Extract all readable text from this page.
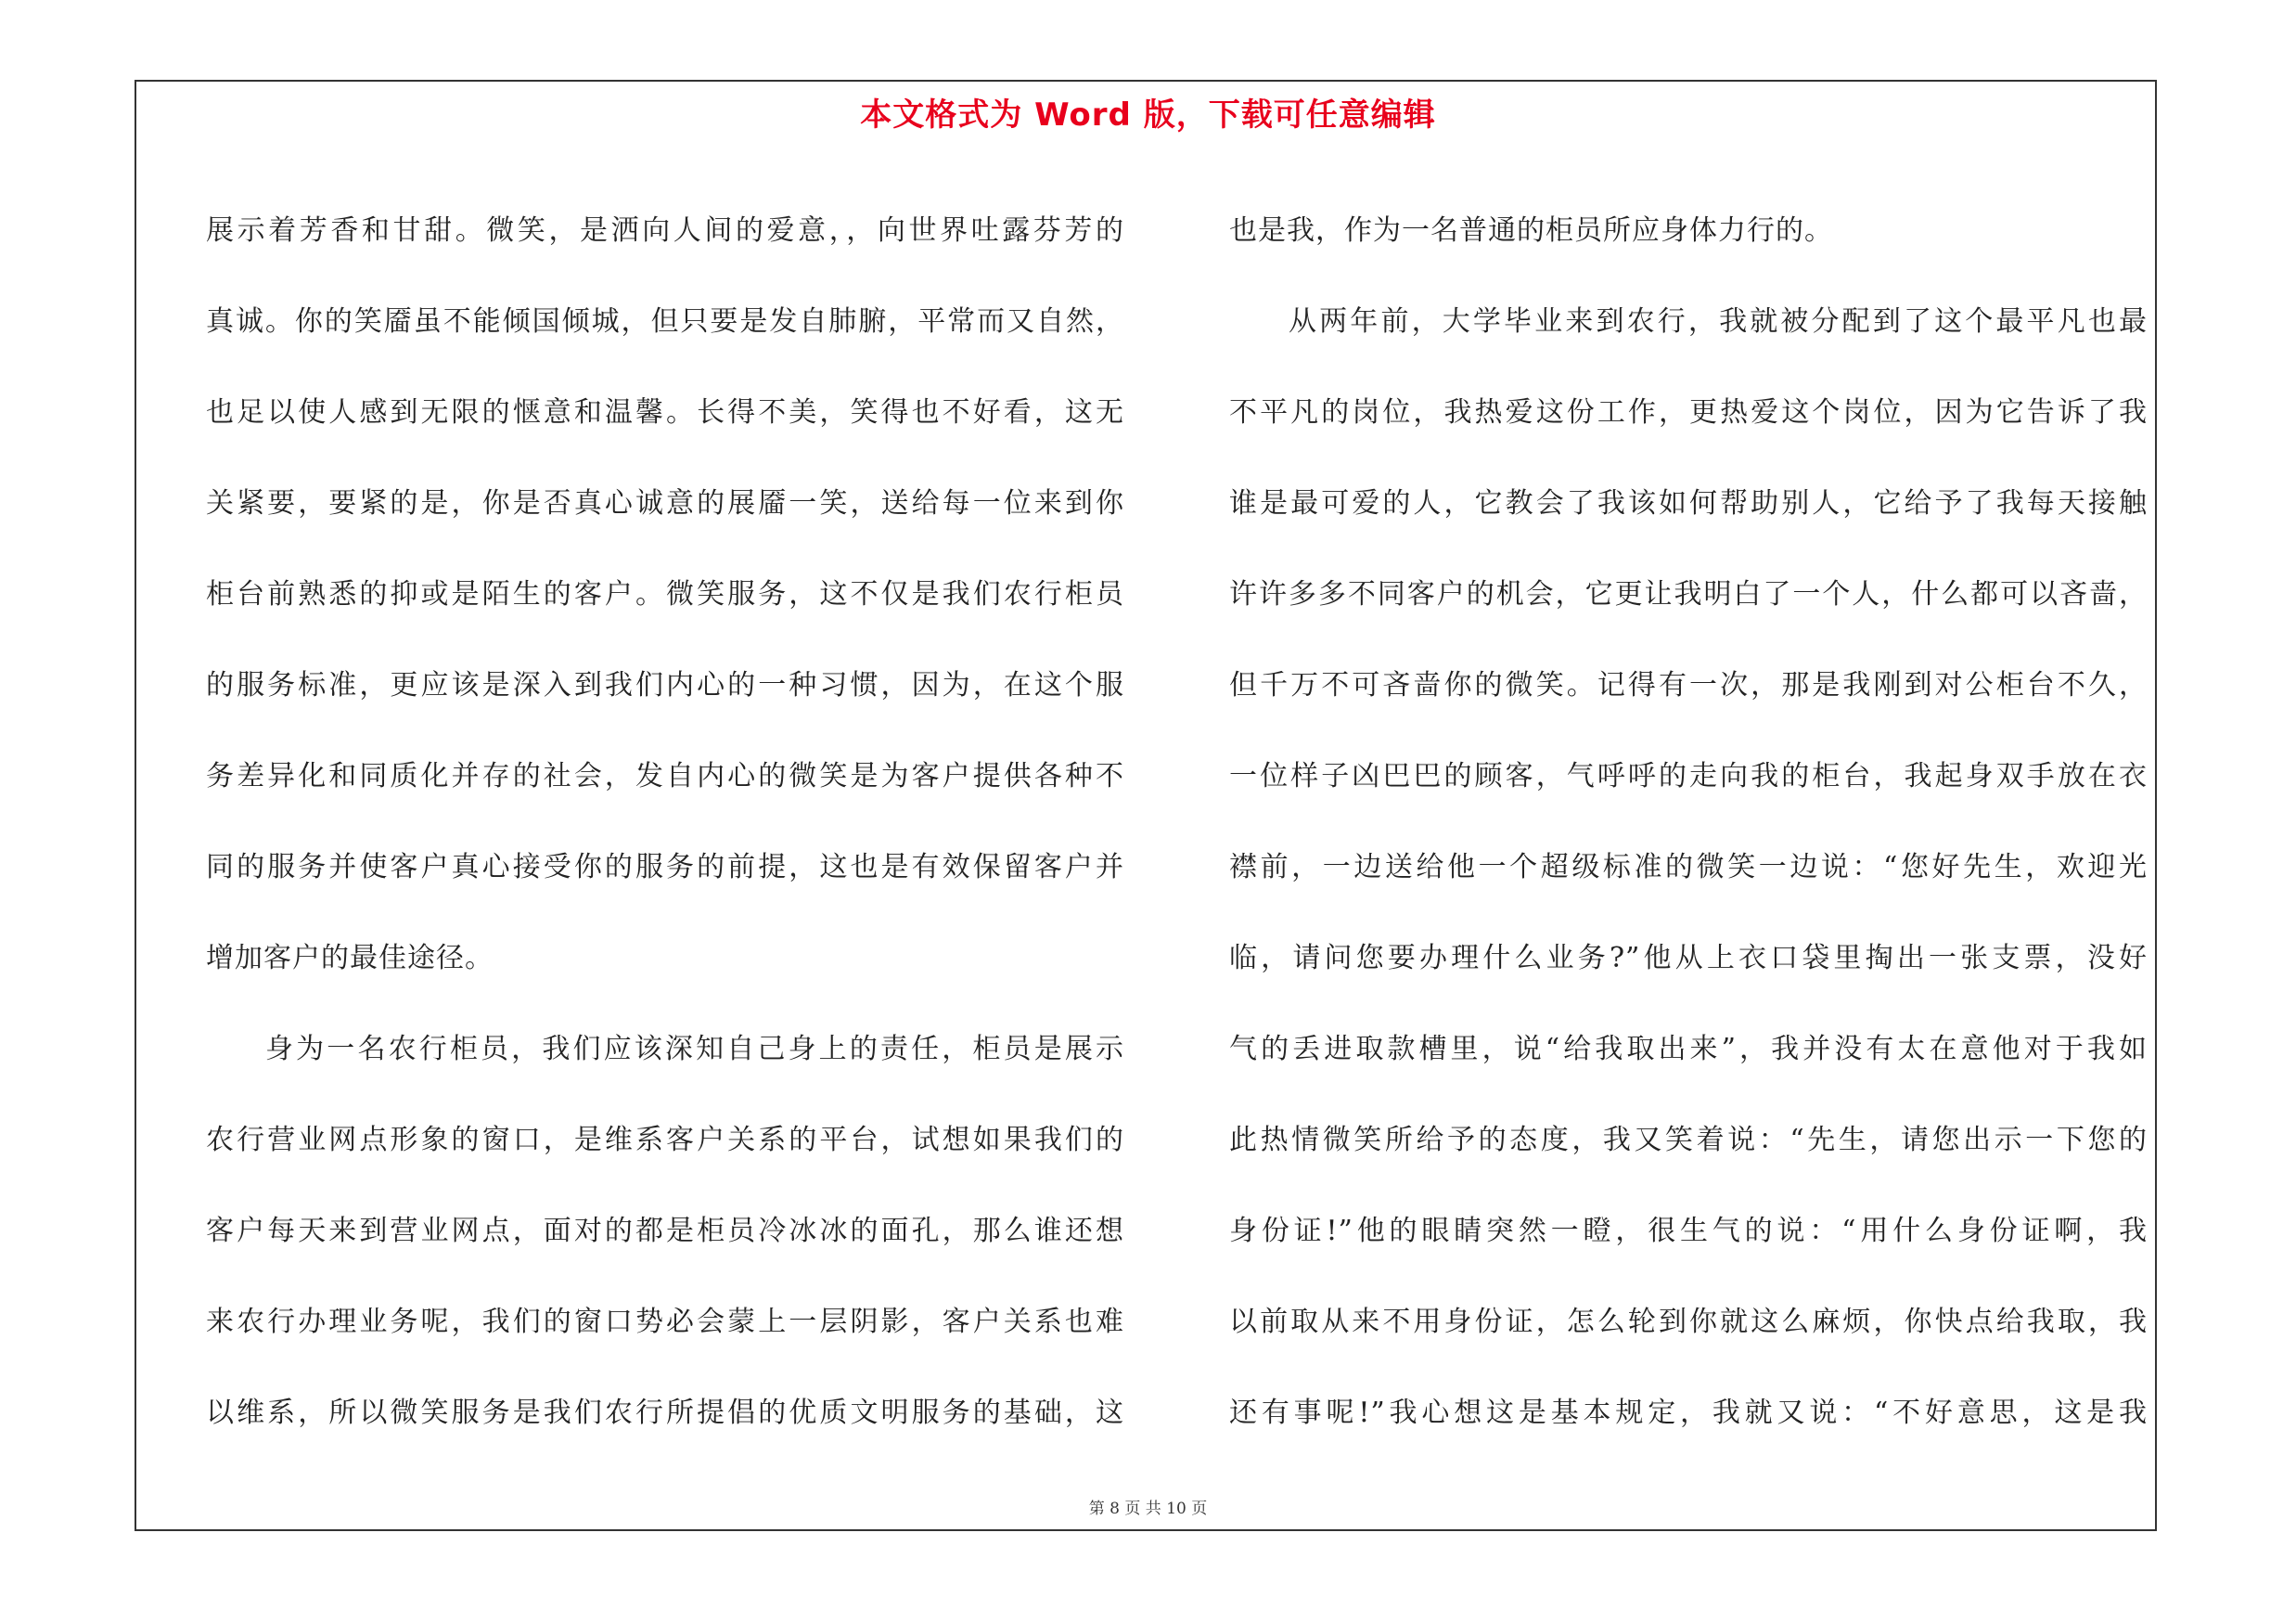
本文格式为 Word 版，下载可任意编辑
展示着芳香和甘甜。微笑，是洒向人间的爱意，，向世界吐露芬芳的
真诚。你的笑靥虽不能倾国倾城，但只要是发自肺腑，平常而又自然，
也足以使人感到无限的惬意和温馨。长得不美，笑得也不好看，这无
关紧要，要紧的是，你是否真心诚意的展靥一笑，送给每一位来到你
柜台前熟悉的抑或是陌生的客户。微笑服务，这不仅是我们农行柜员
的服务标准，更应该是深入到我们内心的一种习惯，因为，在这个服
务差异化和同质化并存的社会，发自内心的微笑是为客户提供各种不
同的服务并使客户真心接受你的服务的前提，这也是有效保留客户并
增加客户的最佳途径。
身为一名农行柜员，我们应该深知自己身上的责任，柜员是展示
农行营业网点形象的窗口，是维系客户关系的平台，试想如果我们的
客户每天来到营业网点，面对的都是柜员冷冰冰的面孔，那么谁还想
来农行办理业务呢，我们的窗口势必会蒙上一层阴影，客户关系也难
以维系，所以微笑服务是我们农行所提倡的优质文明服务的基础，这
也是我，作为一名普通的柜员所应身体力行的。
从两年前，大学毕业来到农行，我就被分配到了这个最平凡也最
不平凡的岗位，我热爱这份工作，更热爱这个岗位，因为它告诉了我
谁是最可爱的人，它教会了我该如何帮助别人，它给予了我每天接触
许许多多不同客户的机会，它更让我明白了一个人，什么都可以吝啬，
但千万不可吝啬你的微笑。记得有一次，那是我刚到对公柜台不久，
一位样子凶巴巴的顾客，气呼呼的走向我的柜台，我起身双手放在衣
襟前，一边送给他一个超级标准的微笑一边说：“您好先生，欢迎光
临，请问您要办理什么业务?”他从上衣口袋里掏出一张支票，没好
气的丢进取款槽里，说“给我取出来”，我并没有太在意他对于我如
此热情微笑所给予的态度，我又笑着说：“先生，请您出示一下您的
身份证!”他的眼睛突然一瞪，很生气的说：“用什么身份证啊，我
以前取从来不用身份证，怎么轮到你就这么麻烦，你快点给我取，我
还有事呢!”我心想这是基本规定，我就又说：“不好意思，这是我
第 8 页 共 10 页
